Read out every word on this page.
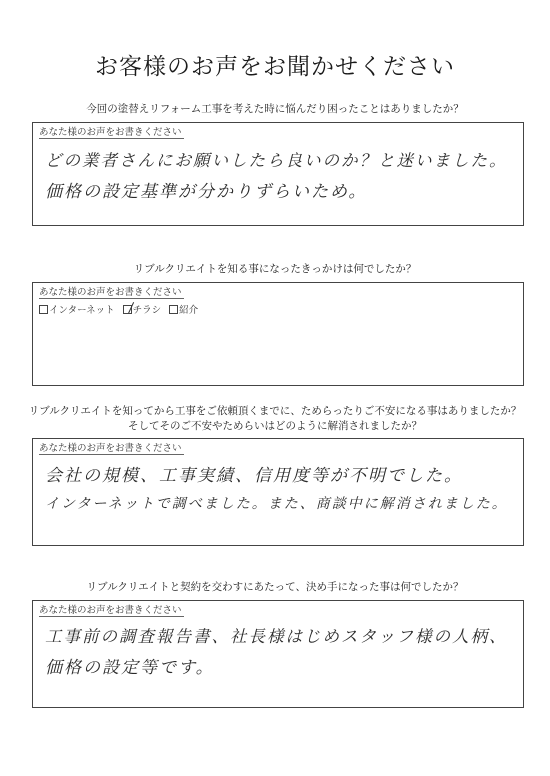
お客様のお声をお聞かせください
今回の塗替えリフォーム工事を考えた時に悩んだり困ったことはありましたか？
あなた様のお声をお書きください
どの業者さんにお願いしたら良いのか？と迷いました。
価格の設定基準が分かりずらいため。
リブルクリエイトを知る事になったきっかけは何でしたか？
あなた様のお声をお書きください
インターネット チラシ 紹介
リブルクリエイトを知ってから工事をご依頼頂くまでに、ためらったりご不安になる事はありましたか？
そしてそのご不安やためらいはどのように解消されましたか？
あなた様のお声をお書きください
会社の規模、工事実績、信用度等が不明でした。
インターネットで調べました。また、商談中に解消されました。
リブルクリエイトと契約を交わすにあたって、決め手になった事は何でしたか？
あなた様のお声をお書きください
工事前の調査報告書、社長様はじめスタッフ様の人柄、
価格の設定等です。
